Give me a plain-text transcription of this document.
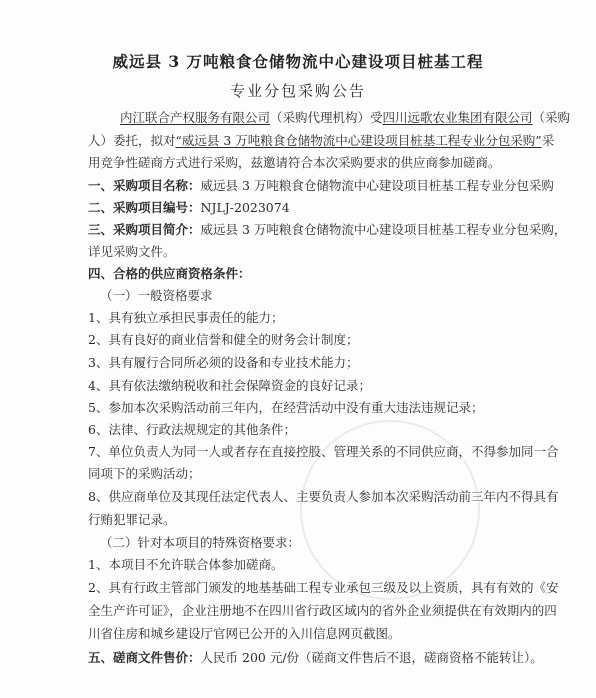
威远县 3 万吨粮食仓储物流中心建设项目桩基工程
专业分包采购公告
内江联合产权服务有限公司（采购代理机构）受四川远歌农业集团有限公司（采购
人）委托，拟对“威远县 3 万吨粮食仓储物流中心建设项目桩基工程专业分包采购”采
用竞争性磋商方式进行采购，兹邀请符合本次采购要求的供应商参加磋商。
一、采购项目名称：威远县 3 万吨粮食仓储物流中心建设项目桩基工程专业分包采购
二、采购项目编号：NJLJ-2023074
三、采购项目简介：威远县 3 万吨粮食仓储物流中心建设项目桩基工程专业分包采购，
详见采购文件。
四、合格的供应商资格条件：
（一）一般资格要求
1、具有独立承担民事责任的能力；
2、具有良好的商业信誉和健全的财务会计制度；
3、具有履行合同所必须的设备和专业技术能力；
4、具有依法缴纳税收和社会保障资金的良好记录；
5、参加本次采购活动前三年内，在经营活动中没有重大违法违规记录；
6、法律、行政法规规定的其他条件；
7、单位负责人为同一人或者存在直接控股、管理关系的不同供应商，不得参加同一合
同项下的采购活动；
8、供应商单位及其现任法定代表人、主要负责人参加本次采购活动前三年内不得具有
行贿犯罪记录。
（二）针对本项目的特殊资格要求：
1、本项目不允许联合体参加磋商。
2、具有行政主管部门颁发的地基基础工程专业承包三级及以上资质，具有有效的《安
全生产许可证》，企业注册地不在四川省行政区域内的省外企业须提供在有效期内的四
川省住房和城乡建设厅官网已公开的入川信息网页截图。
五、磋商文件售价：人民币 200 元/份（磋商文件售后不退，磋商资格不能转让）。
